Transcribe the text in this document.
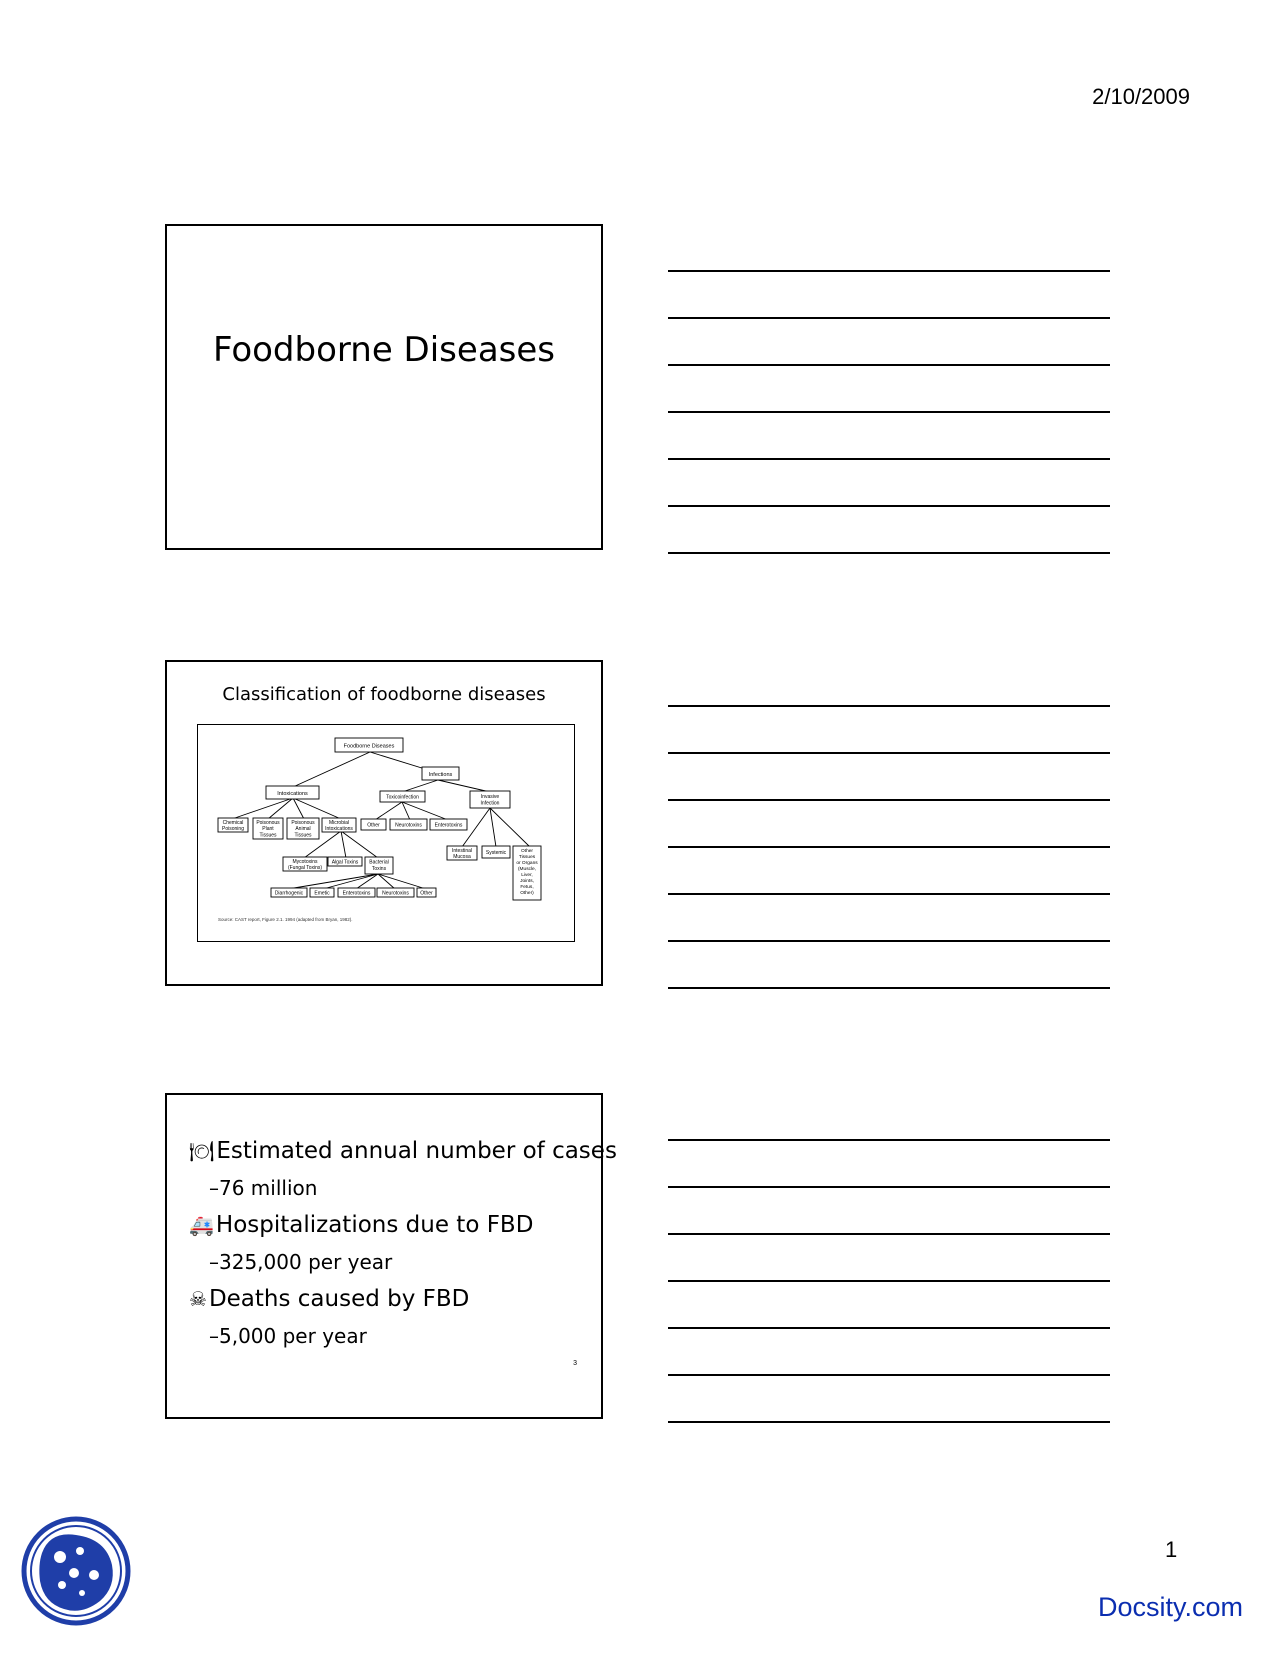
2/10/2009
Foodborne Diseases
Classification of foodborne diseases
Foodborne Diseases
Intoxications
Infections
Toxicoinfection	Invasive
Infection
Chemical
Poisoning
Poisonous
Plant
Tissues
Poisonous
Animal
Tissues
Microbial
Intoxications
Other	Neurotoxins	Enterotoxins
Mycotoxins
(Fungal Toxins)
Algal Toxins Bacterial
Toxins
Intestinal
Mucosa
Systemic	Other
Tissues
or Organs
(Muscle,
Liver,
Joints,
Fetus,
Other)
Diarrhogenic Emetic	Enterotoxins Neurotoxins Other
Source: CAST report, Figure 2.1. 1994 (adapted from Bryan, 1982).
🍽Estimated annual number of cases
–76 million
🚑Hospitalizations due to FBD
–325,000 per year
☠Deaths caused by FBD
–5,000 per year
3
1
Docsity.com
